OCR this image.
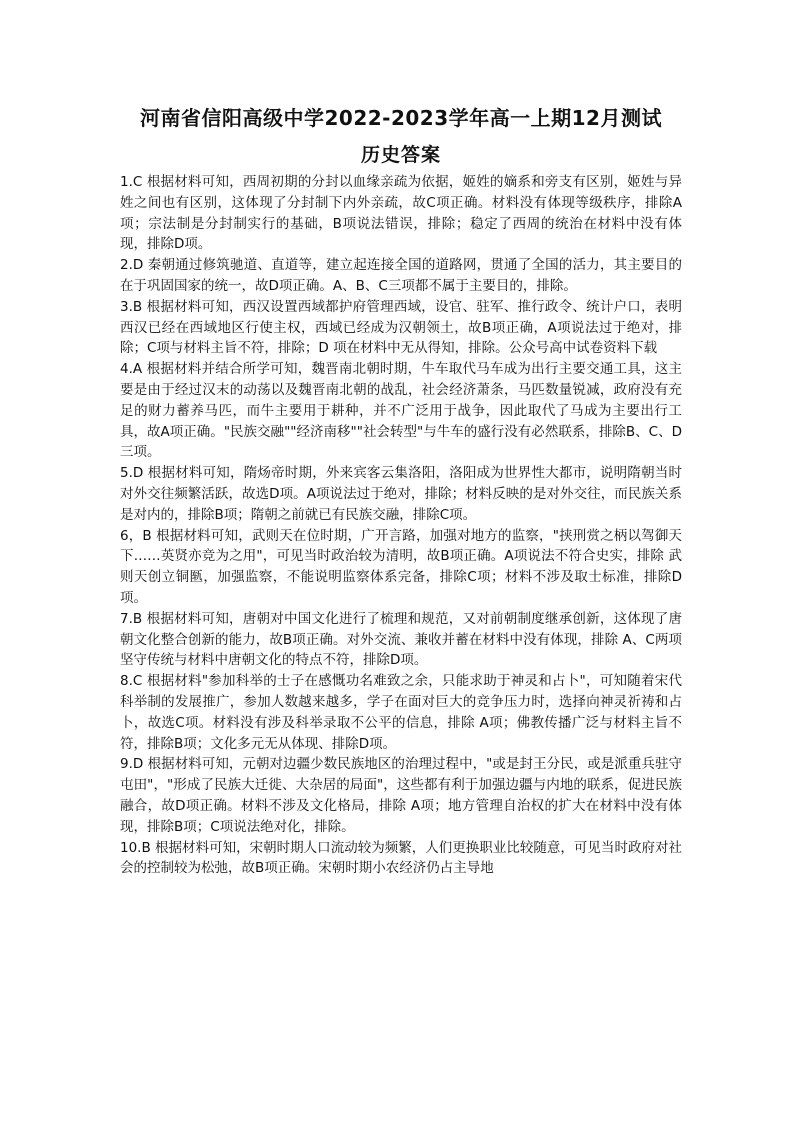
河南省信阳高级中学2022-2023学年高一上期12月测试
历史答案

1.C 根据材料可知，西周初期的分封以血缘亲疏为依据，姬姓的嫡系和旁支有区别，姬姓与异姓之间也有区别，这体现了分封制下内外亲疏，故C项正确。材料没有体现等级秩序，排除A项；宗法制是分封制实行的基础，B项说法错误，排除；稳定了西周的统治在材料中没有体现，排除D项。

2.D 秦朝通过修筑驰道、直道等，建立起连接全国的道路网，贯通了全国的活力，其主要目的在于巩固国家的统一，故D项正确。A、B、C三项都不属于主要目的，排除。

3.B 根据材料可知，西汉设置西域都护府管理西域，设官、驻军、推行政令、统计户口，表明西汉已经在西域地区行使主权，西域已经成为汉朝领土，故B项正确，A项说法过于绝对，排除；C项与材料主旨不符，排除；D 项在材料中无从得知，排除。公众号高中试卷资料下载

4.A 根据材料并结合所学可知，魏晋南北朝时期，牛车取代马车成为出行主要交通工具，这主要是由于经过汉末的动荡以及魏晋南北朝的战乱，社会经济萧条，马匹数量锐减，政府没有充足的财力蓄养马匹，而牛主要用于耕种，并不广泛用于战争，因此取代了马成为主要出行工具，故A项正确。"民族交融""经济南移""社会转型"与牛车的盛行没有必然联系，排除B、C、D三项。

5.D 根据材料可知，隋炀帝时期，外来宾客云集洛阳，洛阳成为世界性大都市，说明隋朝当时对外交往频繁活跃，故选D项。A项说法过于绝对，排除；材料反映的是对外交往，而民族关系是对内的，排除B项；隋朝之前就已有民族交融，排除C项。

6，B 根据材料可知，武则天在位时期，广开言路，加强对地方的监察，"挟刑赏之柄以驾御天下……英贤亦竞为之用"，可见当时政治较为清明，故B项正确。A项说法不符合史实，排除 武则天创立铜匦，加强监察，不能说明监察体系完备，排除C项；材料不涉及取士标准，排除D项。

7.B 根据材料可知，唐朝对中国文化进行了梳理和规范，又对前朝制度继承创新，这体现了唐朝文化整合创新的能力，故B项正确。对外交流、兼收并蓄在材料中没有体现，排除 A、C两项 坚守传统与材料中唐朝文化的特点不符，排除D项。

8.C 根据材料"参加科举的士子在感慨功名难致之余，只能求助于神灵和占卜"，可知随着宋代科举制的发展推广，参加人数越来越多，学子在面对巨大的竞争压力时，选择向神灵祈祷和占卜，故选C项。材料没有涉及科举录取不公平的信息，排除 A项；佛教传播广泛与材料主旨不符，排除B项；文化多元无从体现、排除D项。

9.D 根据材料可知，元朝对边疆少数民族地区的治理过程中，"或是封王分民，或是派重兵驻守屯田"，"形成了民族大迁徙、大杂居的局面"，这些都有利于加强边疆与内地的联系，促进民族融合，故D项正确。材料不涉及文化格局，排除 A项；地方管理自治权的扩大在材料中没有体现，排除B项；C项说法绝对化，排除。

10.B 根据材料可知，宋朝时期人口流动较为频繁，人们更换职业比较随意，可见当时政府对社会的控制较为松弛，故B项正确。宋朝时期小农经济仍占主导地
